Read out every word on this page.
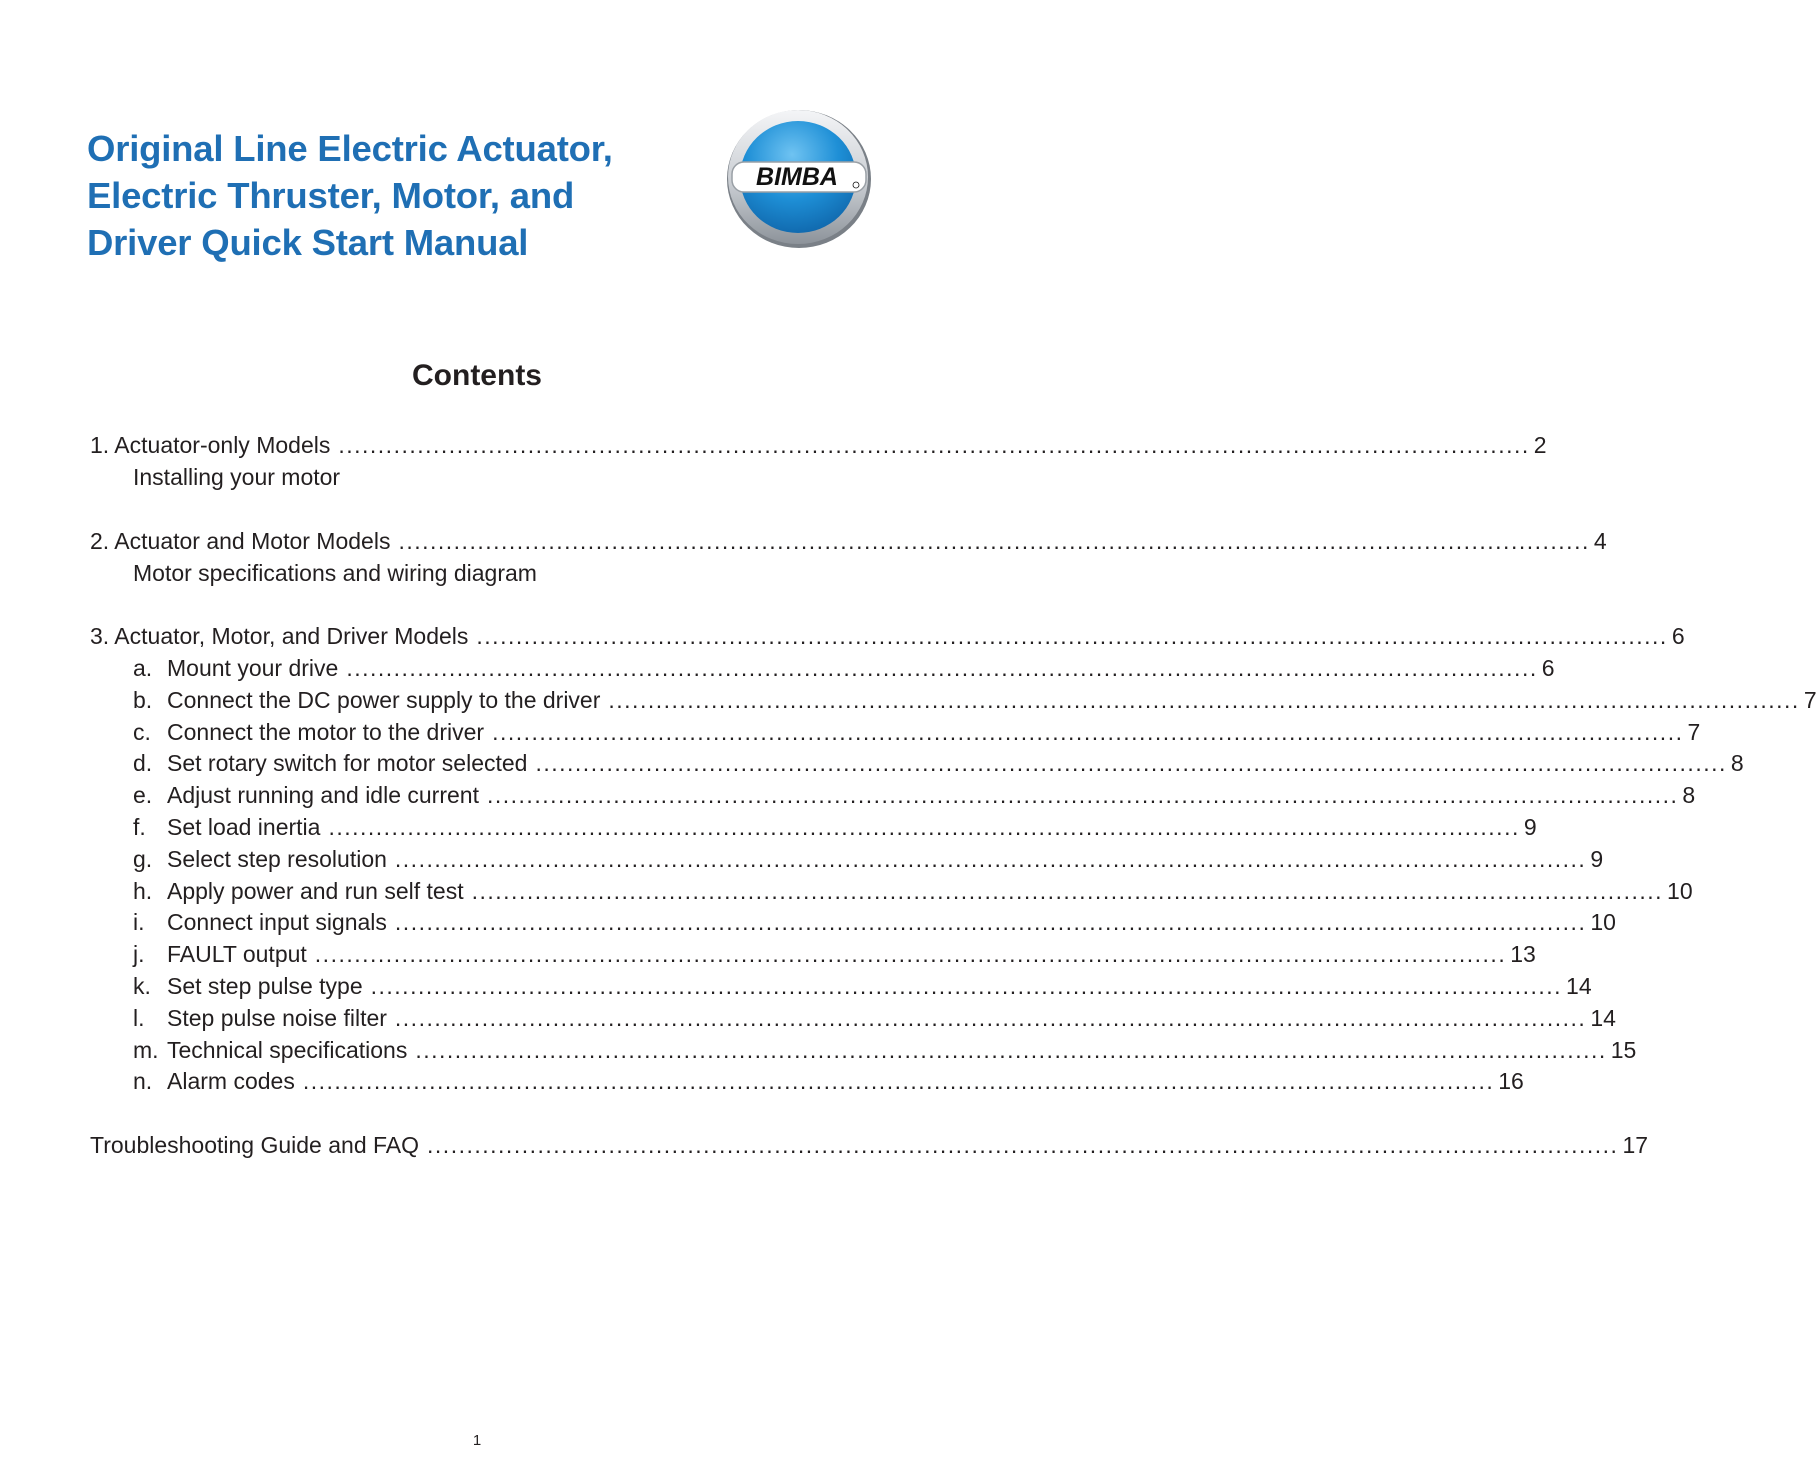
Original Line Electric Actuator,
Electric Thruster, Motor, and
Driver Quick Start Manual
BIMBA
Contents
1. Actuator-only Models ....................................................................................................................................................... 2
Installing your motor
2. Actuator and Motor Models ....................................................................................................................................................... 4
Motor specifications and wiring diagram
3. Actuator, Motor, and Driver Models ....................................................................................................................................................... 6
a. Mount your drive ....................................................................................................................................................... 6
b. Connect the DC power supply to the driver ....................................................................................................................................................... 7
c. Connect the motor to the driver ....................................................................................................................................................... 7
d. Set rotary switch for motor selected ....................................................................................................................................................... 8
e. Adjust running and idle current ....................................................................................................................................................... 8
f. Set load inertia ....................................................................................................................................................... 9
g. Select step resolution ....................................................................................................................................................... 9
h. Apply power and run self test ....................................................................................................................................................... 10
i. Connect input signals ....................................................................................................................................................... 10
j. FAULT output ....................................................................................................................................................... 13
k. Set step pulse type ....................................................................................................................................................... 14
l. Step pulse noise filter ....................................................................................................................................................... 14
m. Technical specifications ....................................................................................................................................................... 15
n. Alarm codes ....................................................................................................................................................... 16
Troubleshooting Guide and FAQ ....................................................................................................................................................... 17
1
